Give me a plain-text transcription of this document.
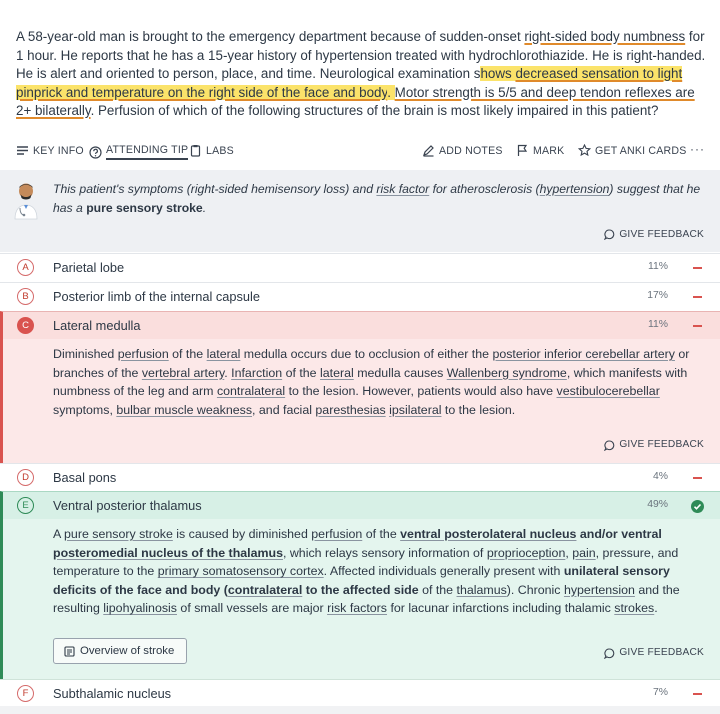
A 58-year-old man is brought to the emergency department because of sudden-onset right-sided body numbness for 1 hour. He reports that he has a 15-year history of hypertension treated with hydrochlorothiazide. He is right-handed. He is alert and oriented to person, place, and time. Neurological examination shows decreased sensation to light pinprick and temperature on the right side of the face and body. Motor strength is 5/5 and deep tendon reflexes are 2+ bilaterally. Perfusion of which of the following structures of the brain is most likely impaired in this patient?

KEY INFO ATTENDING TIP LABS	ADD NOTES	MARK	GET ANKI CARDS ···
This patient's symptoms (right-sided hemisensory loss) and risk factor for atherosclerosis (hypertension) suggest that he has a pure sensory stroke.
GIVE FEEDBACK
A	Parietal lobe	11%
B	Posterior limb of the internal capsule	17%
C	Lateral medulla	11%
Diminished perfusion of the lateral medulla occurs due to occlusion of either the posterior inferior cerebellar artery or branches of the vertebral artery. Infarction of the lateral medulla causes Wallenberg syndrome, which manifests with numbness of the leg and arm contralateral to the lesion. However, patients would also have vestibulocerebellar symptoms, bulbar muscle weakness, and facial paresthesias ipsilateral to the lesion.
GIVE FEEDBACK
D	Basal pons	4%
E	Ventral posterior thalamus	49%
A pure sensory stroke is caused by diminished perfusion of the ventral posterolateral nucleus and/or ventral posteromedial nucleus of the thalamus, which relays sensory information of proprioception, pain, pressure, and temperature to the primary somatosensory cortex. Affected individuals generally present with unilateral sensory deficits of the face and body (contralateral to the affected side of the thalamus). Chronic hypertension and the resulting lipohyalinosis of small vessels are major risk factors for lacunar infarctions including thalamic strokes.
Overview of stroke	GIVE FEEDBACK
F	Subthalamic nucleus	7%
